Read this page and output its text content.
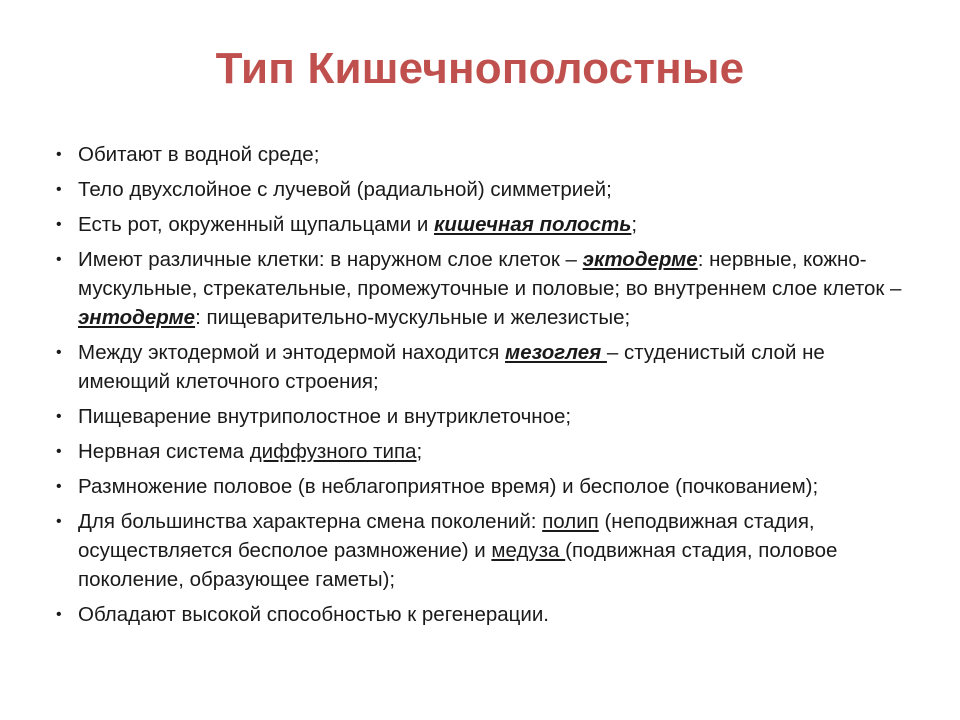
Тип Кишечнополостные
• Обитают в водной среде;
• Тело двухслойное с лучевой (радиальной) симметрией;
• Есть рот, окруженный щупальцами и кишечная полость;
• Имеют различные клетки: в наружном слое клеток – эктодерме: нервные, кожно-мускульные, стрекательные, промежуточные и половые; во внутреннем слое клеток – энтодерме: пищеварительно-мускульные и железистые;
• Между эктодермой и энтодермой находится мезоглея – студенистый слой не имеющий клеточного строения;
• Пищеварение внутриполостное и внутриклеточное;
• Нервная система диффузного типа;
• Размножение половое (в неблагоприятное время) и бесполое (почкованием);
• Для большинства характерна смена поколений: полип (неподвижная стадия, осуществляется бесполое размножение) и медуза (подвижная стадия, половое поколение, образующее гаметы);
• Обладают высокой способностью к регенерации.
